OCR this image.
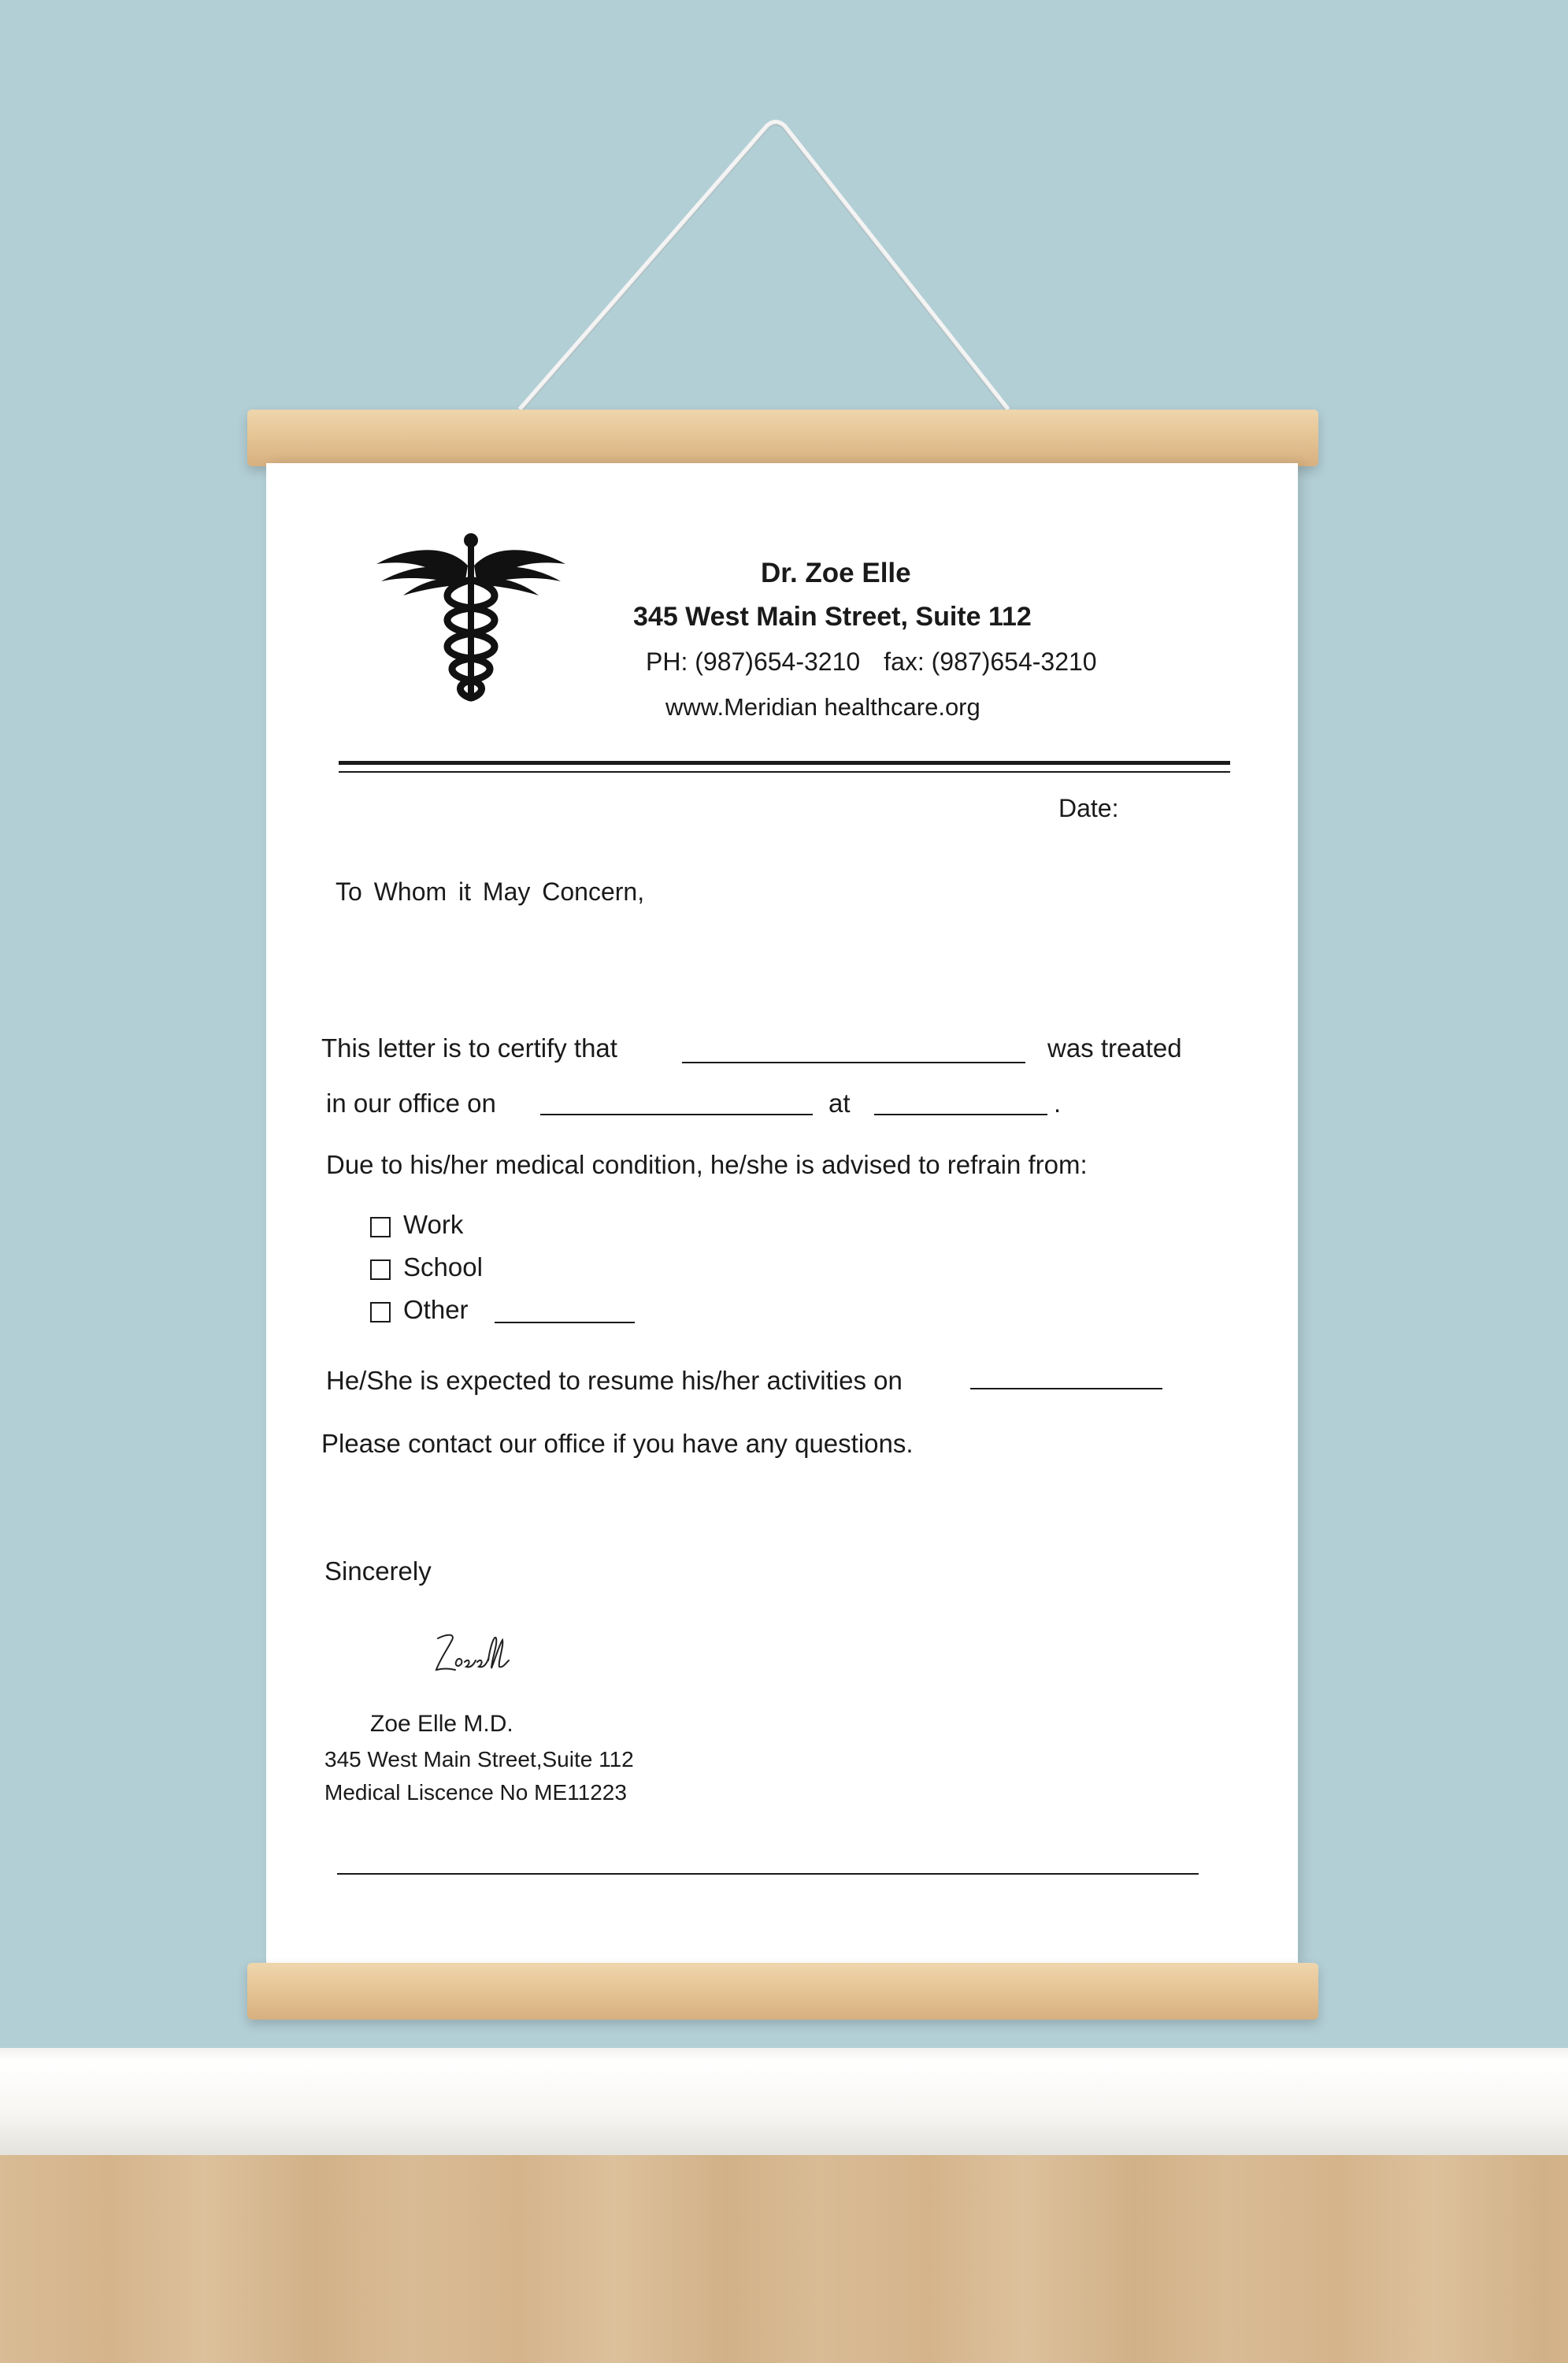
Dr. Zoe Elle
345 West Main Street, Suite 112
PH: (987)654-3210 fax: (987)654-3210
www.Meridian healthcare.org
Date:
To Whom it May Concern,
This letter is to certify that	was treated
in our office on	at	.
Due to his/her medical condition, he/she is advised to refrain from:
Work
School
Other
He/She is expected to resume his/her activities on
Please contact our office if you have any questions.
Sincerely
Zoe Elle M.D.
345 West Main Street,Suite 112
Medical Liscence No ME11223
